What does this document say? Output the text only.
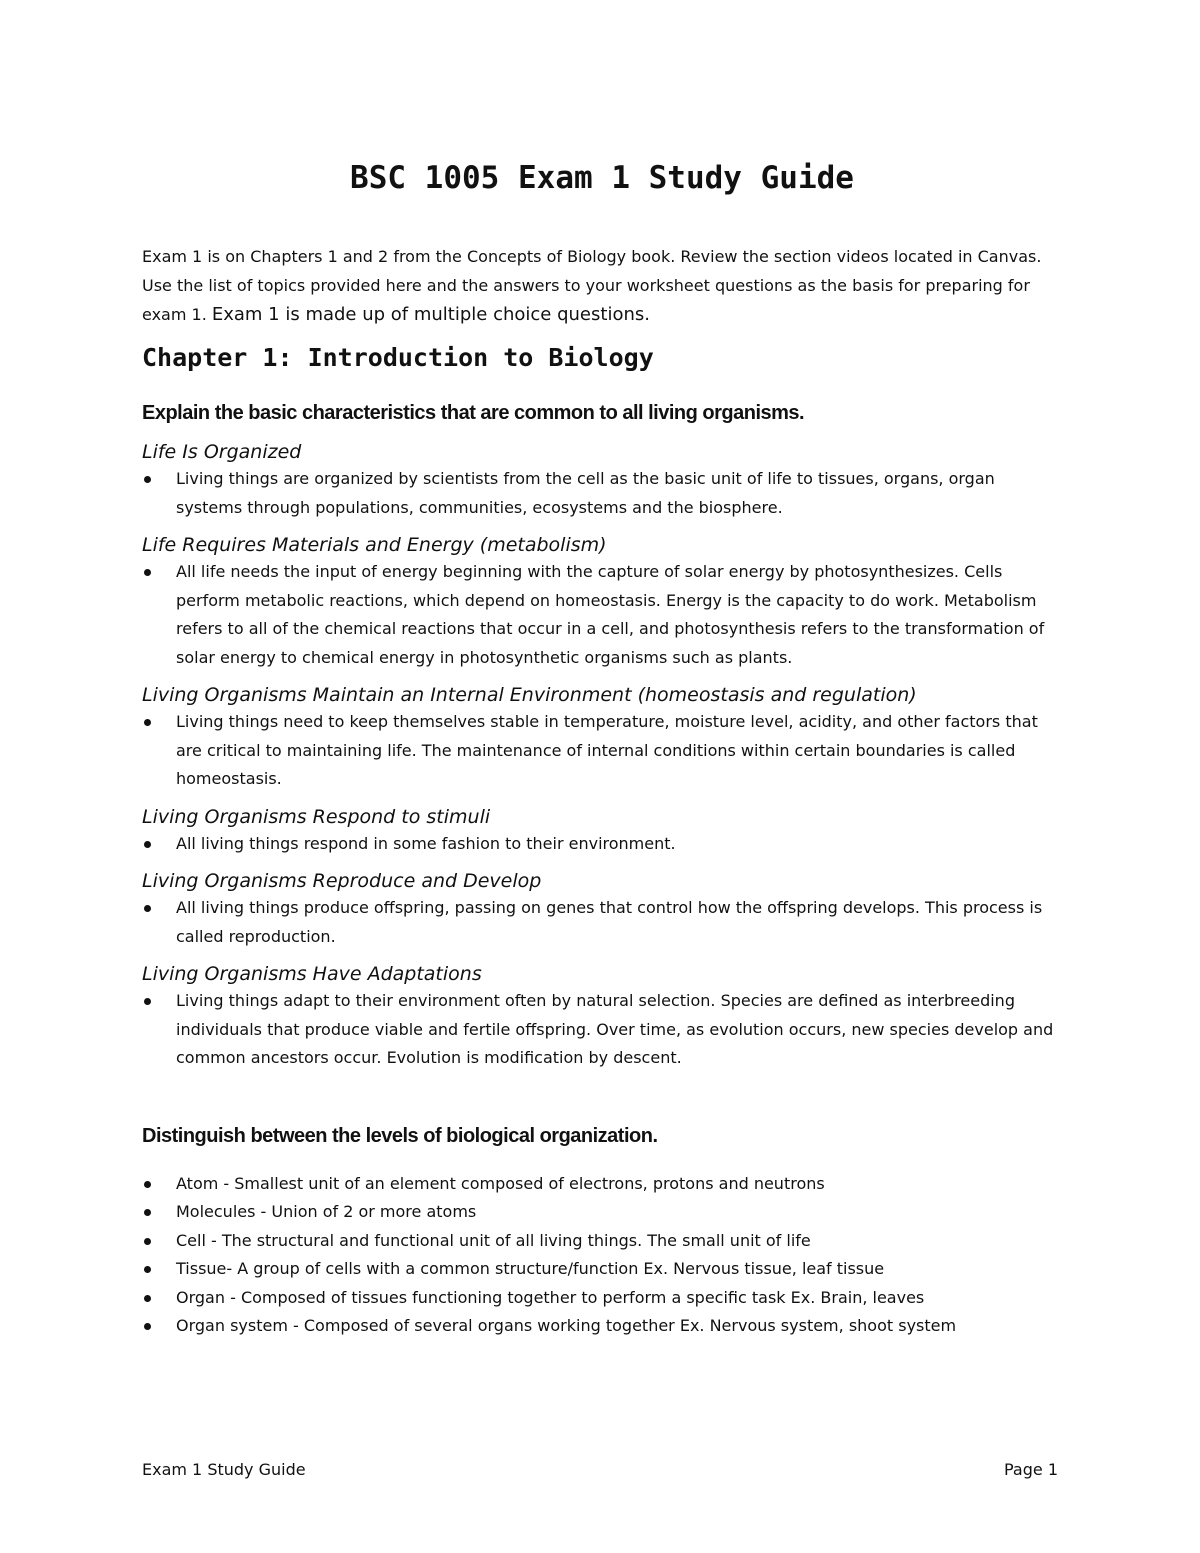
BSC 1005 Exam 1 Study Guide

Exam 1 is on Chapters 1 and 2 from the Concepts of Biology book. Review the section videos located in Canvas. Use the list of topics provided here and the answers to your worksheet questions as the basis for preparing for exam 1. Exam 1 is made up of multiple choice questions.

Chapter 1: Introduction to Biology
Explain the basic characteristics that are common to all living organisms.
Life Is Organized
Living things are organized by scientists from the cell as the basic unit of life to tissues, organs, organ systems through populations, communities, ecosystems and the biosphere.
Life Requires Materials and Energy (metabolism)
All life needs the input of energy beginning with the capture of solar energy by photosynthesizes. Cells perform metabolic reactions, which depend on homeostasis. Energy is the capacity to do work. Metabolism refers to all of the chemical reactions that occur in a cell, and photosynthesis refers to the transformation of solar energy to chemical energy in photosynthetic organisms such as plants.
Living Organisms Maintain an Internal Environment (homeostasis and regulation)
Living things need to keep themselves stable in temperature, moisture level, acidity, and other factors that are critical to maintaining life. The maintenance of internal conditions within certain boundaries is called homeostasis.
Living Organisms Respond to stimuli
All living things respond in some fashion to their environment.
Living Organisms Reproduce and Develop
All living things produce offspring, passing on genes that control how the offspring develops. This process is called reproduction.
Living Organisms Have Adaptations
Living things adapt to their environment often by natural selection. Species are defined as interbreeding individuals that produce viable and fertile offspring. Over time, as evolution occurs, new species develop and common ancestors occur. Evolution is modification by descent.
Distinguish between the levels of biological organization.
Atom - Smallest unit of an element composed of electrons, protons and neutrons
Molecules - Union of 2 or more atoms
Cell - The structural and functional unit of all living things. The small unit of life
Tissue- A group of cells with a common structure/function Ex. Nervous tissue, leaf tissue
Organ - Composed of tissues functioning together to perform a specific task Ex. Brain, leaves
Organ system - Composed of several organs working together Ex. Nervous system, shoot system
Exam 1 Study Guide	Page 1
